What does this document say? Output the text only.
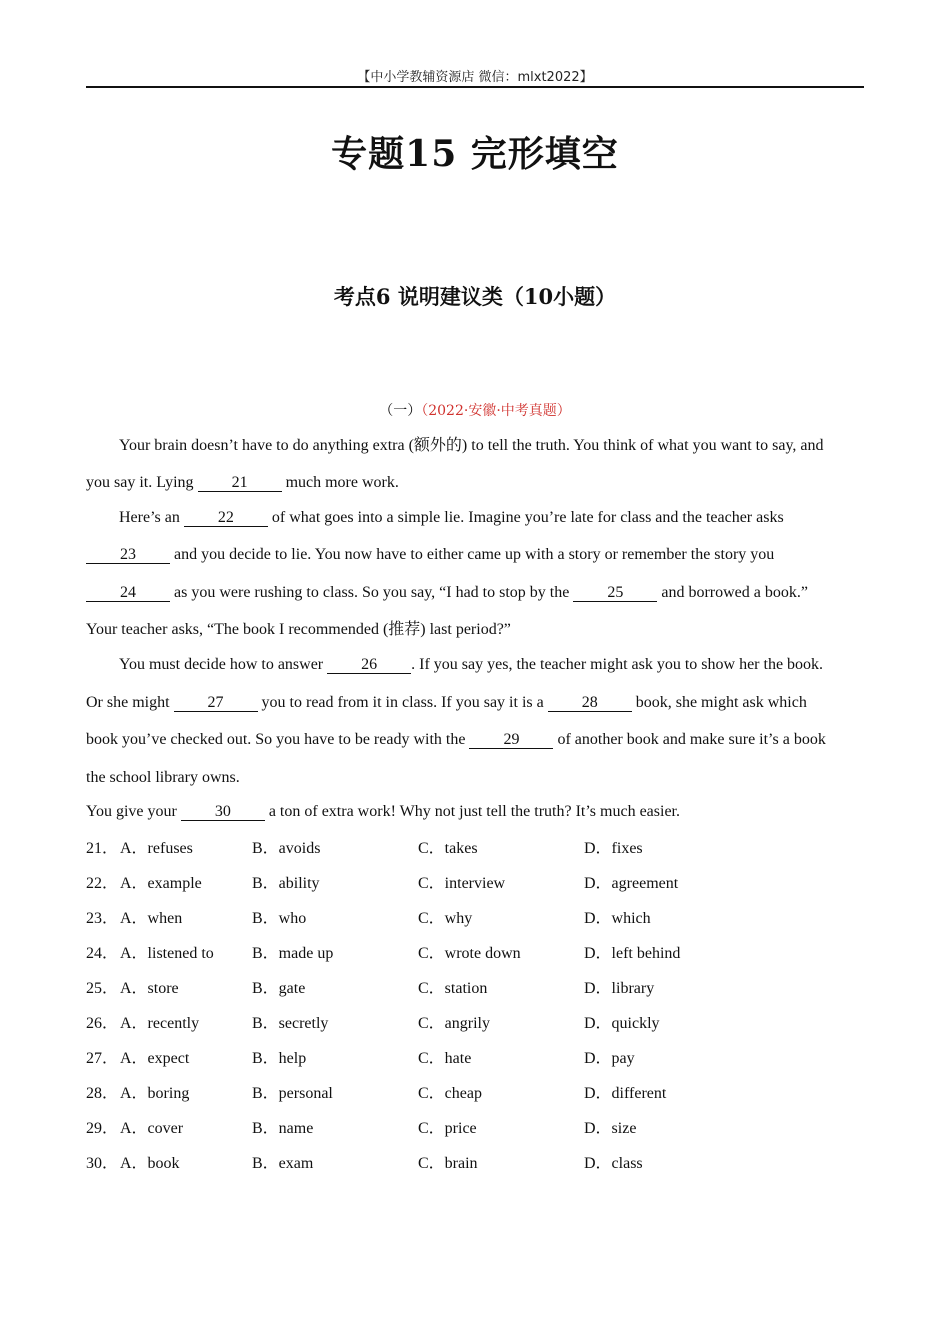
【中小学教辅资源店 微信：mlxt2022】
专题15 完形填空
考点6 说明建议类（10小题）
（一）（2022·安徽·中考真题）
Your brain doesn’t have to do anything extra (额外的) to tell the truth. You think of what you want to say, and
you say it. Lying 21 much more work.
Here’s an 22 of what goes into a simple lie. Imagine you’re late for class and the teacher asks
23 and you decide to lie. You now have to either came up with a story or remember the story you
24 as you were rushing to class. So you say, “I had to stop by the 25 and borrowed a book.”
Your teacher asks, “The book I recommended (推荐) last period?”
You must decide how to answer 26 . If you say yes, the teacher might ask you to show her the book.
Or she might 27 you to read from it in class. If you say it is a 28 book, she might ask which
book you’ve checked out. So you have to be ready with the 29 of another book and make sure it’s a book
the school library owns.
You give your 30 a ton of extra work! Why not just tell the truth? It’s much easier.
21． A．refuses	B．avoids	C．takes	D．fixes
22． A．example	B．ability	C．interview	D．agreement
23． A．when	B．who	C．why	D．which
24． A．listened to B．made up	C．wrote down	D．left behind
25． A．store	B．gate	C．station	D．library
26． A．recently	B．secretly	C．angrily	D．quickly
27． A．expect	B．help	C．hate	D．pay
28． A．boring	B．personal	C．cheap	D．different
29． A．cover	B．name	C．price	D．size
30． A．book	B．exam	C．brain	D．class
